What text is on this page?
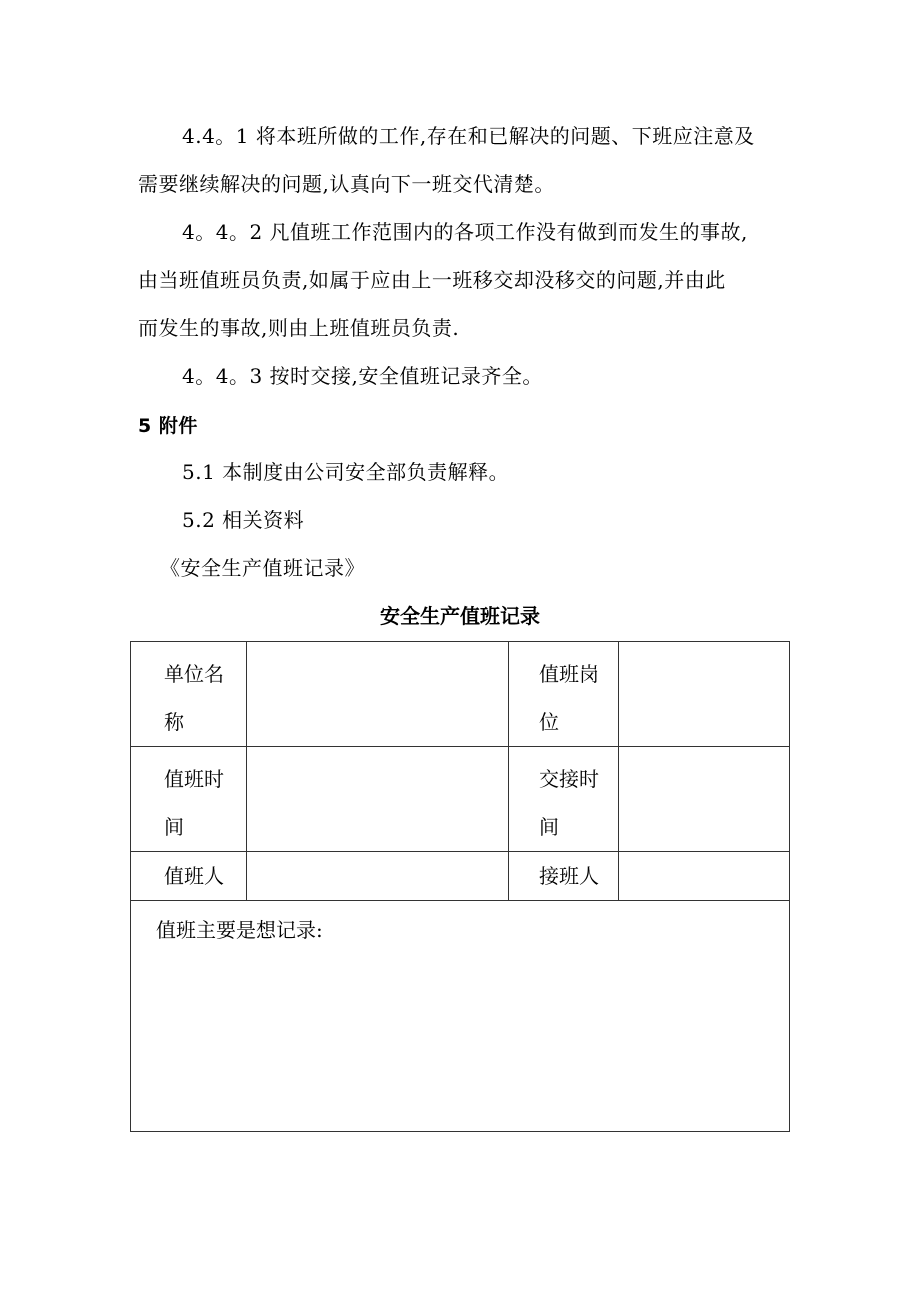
4.4。1 将本班所做的工作,存在和已解决的问题、下班应注意及
需要继续解决的问题,认真向下一班交代清楚。
4。4。2 凡值班工作范围内的各项工作没有做到而发生的事故,
由当班值班员负责,如属于应由上一班移交却没移交的问题,并由此
而发生的事故,则由上班值班员负责.
4。4。3 按时交接,安全值班记录齐全。
5 附件
5.1 本制度由公司安全部负责解释。
5.2 相关资料
《安全生产值班记录》
安全生产值班记录
单位名称		值班岗位	

值班时间		交接时间	

值班人		接班人	
值班主要是想记录:			
